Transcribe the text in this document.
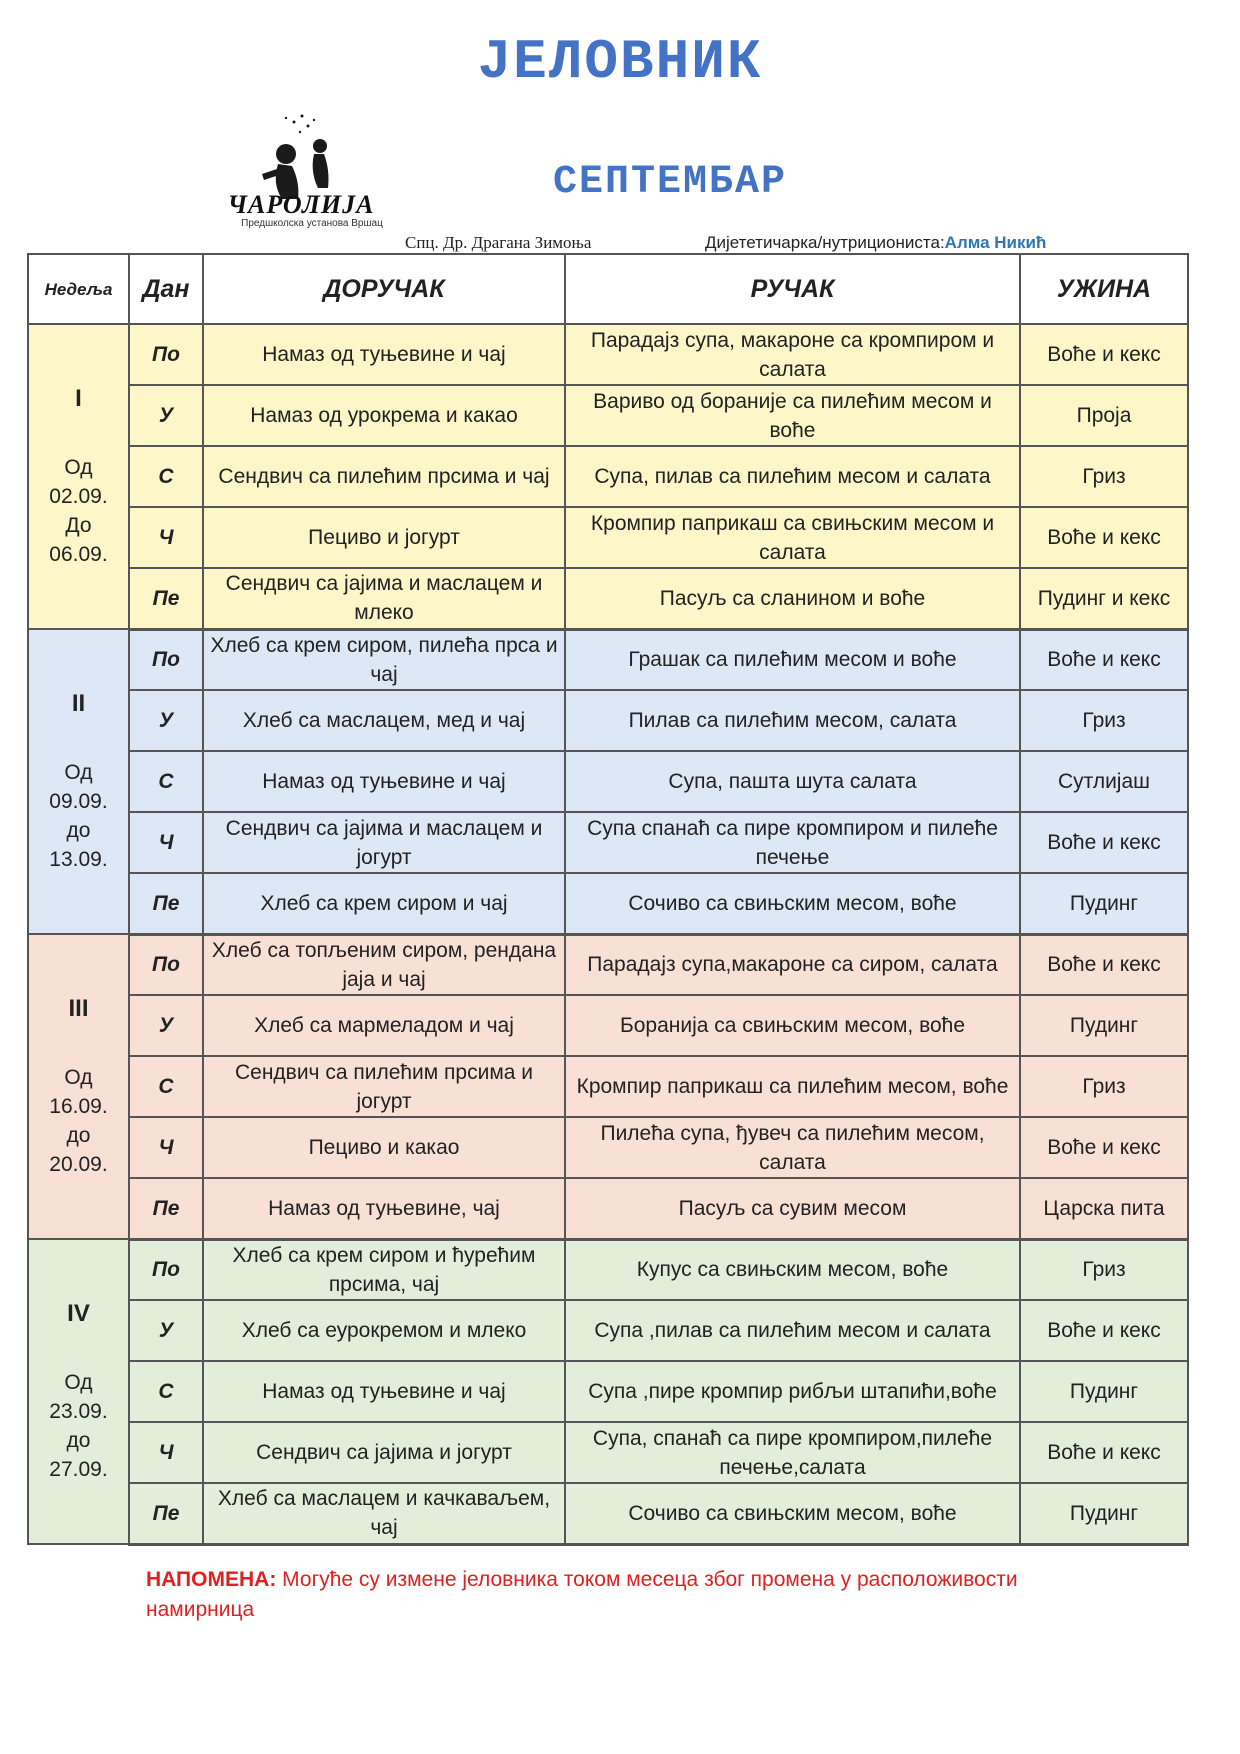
ЈЕЛОВНИК
ЧАРОЛИЈА
Предшколска установа Вршац
СЕПТЕМБАР
Спц. Др. Драгана Зимоња	Дијететичарка/нутрициониста:Алма Никић
Недеља	Дан	ДОРУЧАК	РУЧАК	УЖИНА

I
Од
02.09.
До
06.09.	По	Намаз од туњевине и чај	Парадајз супа, макароне са кромпиром и салата	Воће и кекс
	У	Намаз од урокрема и какао	Вариво од боранијe са пилећим месом и воће	Проја
	С	Сендвич са пилећим прсима и чај	Супа, пилав са пилећим месом и салата	Гриз
	Ч	Пециво и јогурт	Кромпир паприкаш са свињским месом и салата	Воће и кекс
	Пе	Сендвич са јајима и маслацем и млеко	Пасуљ са сланином и воће	Пудинг и кекс

II
Од
09.09.
до
13.09.	По	Хлеб са крем сиром, пилећа прса и чај	Грашак са пилећим месом и воће	Воће и кекс
	У	Хлеб са маслацем, мед и чај	Пилав са пилећим месом, салата	Гриз
	С	Намаз од туњевине и чај	Супа, пашта шута салата	Сутлијаш
	Ч	Сендвич са јајима и маслацем и јогурт	Супа спанаћ са пире кромпиром и пилеће печење	Воће и кекс
	Пе	Хлеб са крем сиром и чај	Сочиво са свињским месом, воће	Пудинг

III
Од
16.09.
до
20.09.	По	Хлеб са топљеним сиром, рендана јаја и чај	Парадајз супа,макароне са сиром, салата	Воће и кекс
	У	Хлеб са мармеладом и чај	Боранија са свињским месом, воће	Пудинг
	С	Сендвич са пилећим прсима и јогурт	Кромпир паприкаш са пилећим месом, воће	Гриз
	Ч	Пециво и какао	Пилећа супа, ђувеч са пилећим месом, салата	Воће и кекс
	Пе	Намаз од туњевине, чај	Пасуљ са сувим месом	Царска пита

IV
Од
23.09.
до
27.09.	По	Хлеб са крем сиром и ћурећим прсима, чај	Купус са свињским месом, воће	Гриз
	У	Хлеб са еурокремом и млеко	Супа ,пилав са пилећим месом и салата	Воће и кекс
	С	Намаз од туњевине и чај	Супа ,пире кромпир рибљи штапићи,воће	Пудинг
	Ч	Сендвич са јајима и јогурт	Супа, спанаћ са пире кромпиром,пилеће печење,салата	Воће и кекс
	Пе	Хлеб са маслацем и качкаваљем, чај	Сочиво са свињским месом, воће	Пудинг
НАПОМЕНА: Могуће су измене јеловника током месеца због промена у расположивости намирница
